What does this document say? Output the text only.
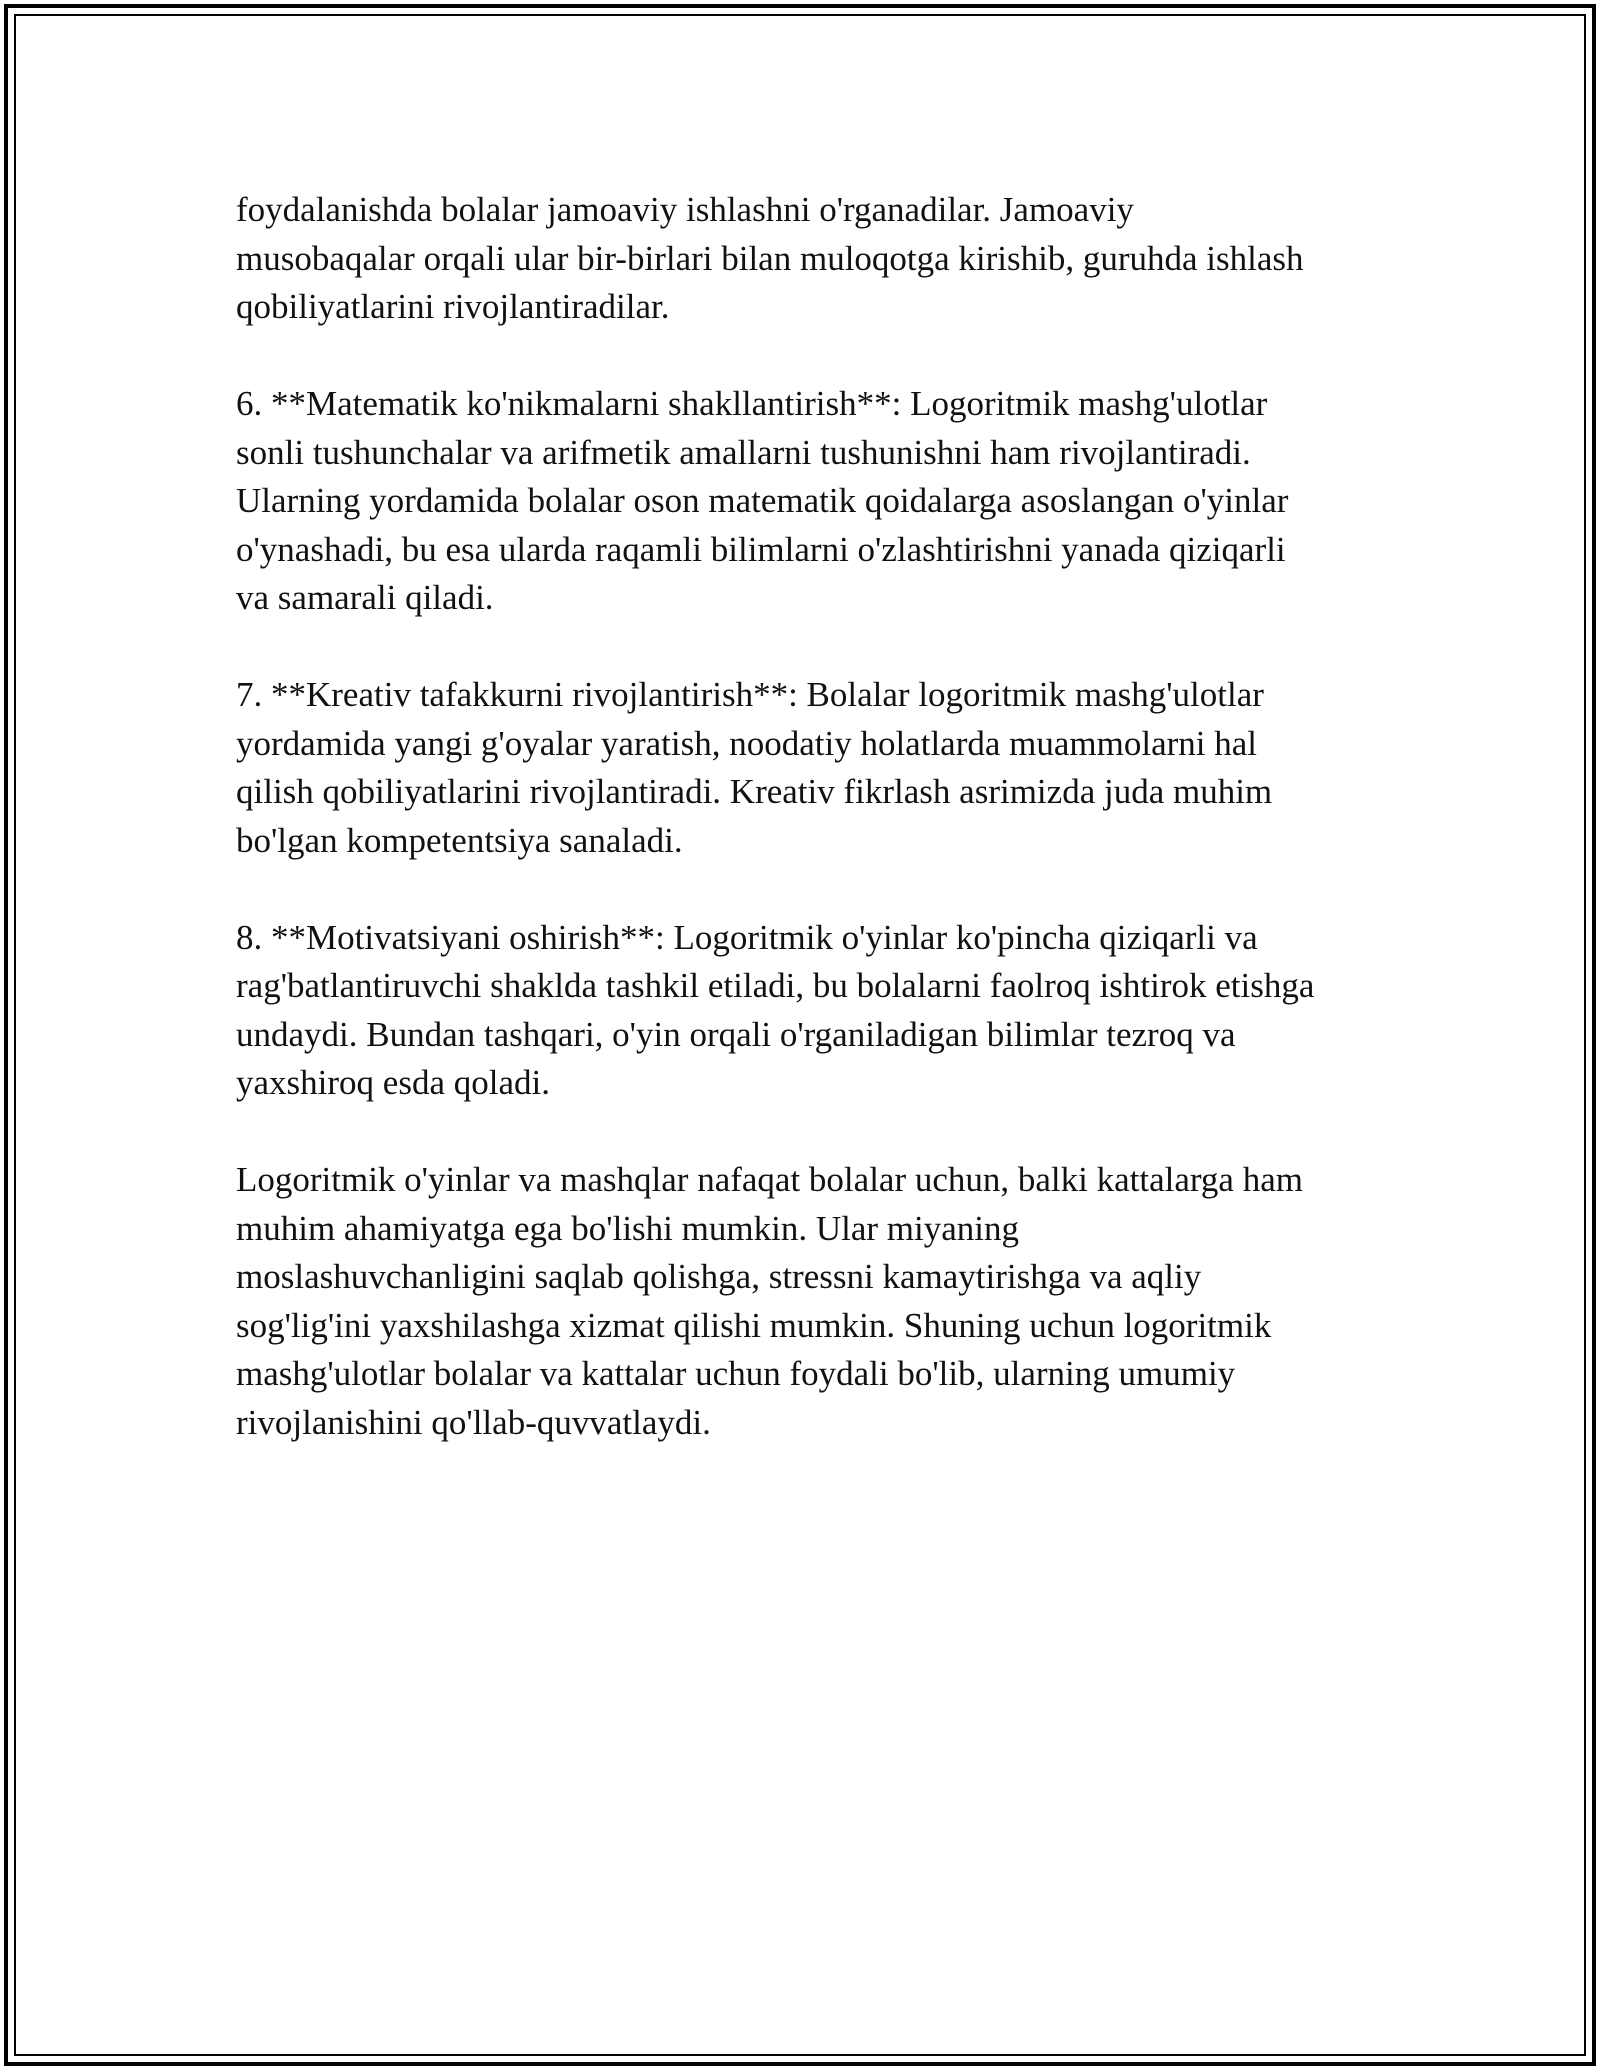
foydalanishda bolalar jamoaviy ishlashni o'rganadilar. Jamoaviy
musobaqalar orqali ular bir-birlari bilan muloqotga kirishib, guruhda ishlash
qobiliyatlarini rivojlantiradilar.

6. **Matematik ko'nikmalarni shakllantirish**: Logoritmik mashg'ulotlar
sonli tushunchalar va arifmetik amallarni tushunishni ham rivojlantiradi.
Ularning yordamida bolalar oson matematik qoidalarga asoslangan o'yinlar
o'ynashadi, bu esa ularda raqamli bilimlarni o'zlashtirishni yanada qiziqarli
va samarali qiladi.

7. **Kreativ tafakkurni rivojlantirish**: Bolalar logoritmik mashg'ulotlar
yordamida yangi g'oyalar yaratish, noodatiy holatlarda muammolarni hal
qilish qobiliyatlarini rivojlantiradi. Kreativ fikrlash asrimizda juda muhim
bo'lgan kompetentsiya sanaladi.

8. **Motivatsiyani oshirish**: Logoritmik o'yinlar ko'pincha qiziqarli va
rag'batlantiruvchi shaklda tashkil etiladi, bu bolalarni faolroq ishtirok etishga
undaydi. Bundan tashqari, o'yin orqali o'rganiladigan bilimlar tezroq va
yaxshiroq esda qoladi.

Logoritmik o'yinlar va mashqlar nafaqat bolalar uchun, balki kattalarga ham
muhim ahamiyatga ega bo'lishi mumkin. Ular miyaning
moslashuvchanligini saqlab qolishga, stressni kamaytirishga va aqliy
sog'lig'ini yaxshilashga xizmat qilishi mumkin. Shuning uchun logoritmik
mashg'ulotlar bolalar va kattalar uchun foydali bo'lib, ularning umumiy
rivojlanishini qo'llab-quvvatlaydi.
